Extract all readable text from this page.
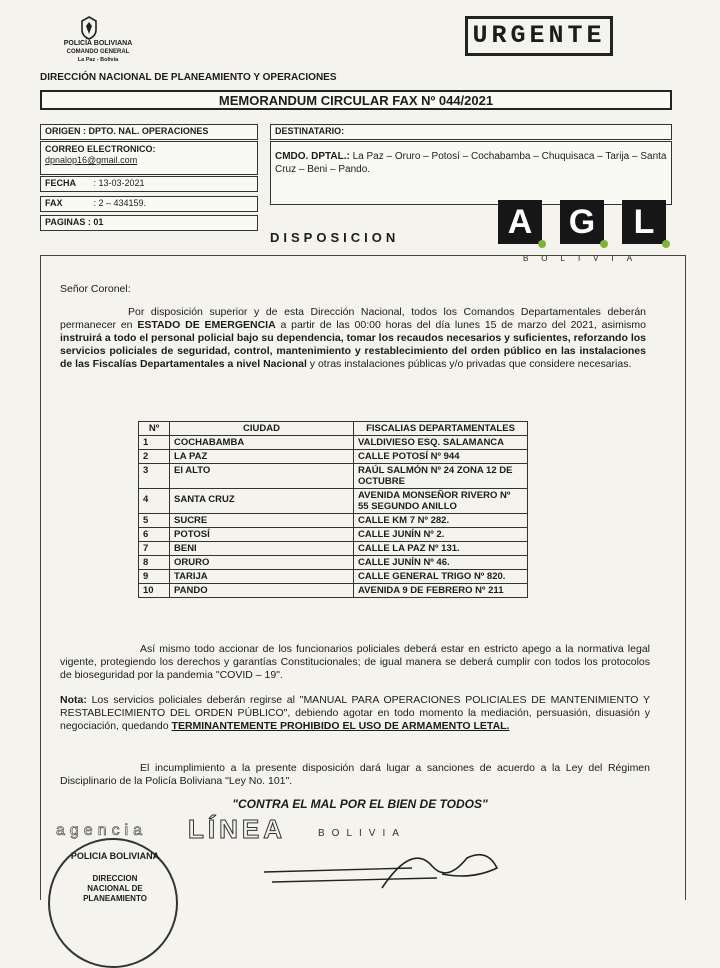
POLICÍA BOLIVIANA
COMANDO GENERAL
La Paz - Bolivia
URGENTE
DIRECCIÓN NACIONAL DE PLANEAMIENTO Y OPERACIONES
MEMORANDUM CIRCULAR FAX Nº 044/2021
ORIGEN : DPTO. NAL. OPERACIONES
CORREO ELECTRONICO:
dpnalop16@gmail.com
FECHA : 13-03-2021
FAX	: 2 – 434159.
PAGINAS : 01
DESTINATARIO:
CMDO. DPTAL.: La Paz – Oruro – Potosí – Cochabamba – Chuquisaca – Tarija – Santa Cruz – Beni – Pando.
DISPOSICION	A G	L
BOLIVIA
Señor Coronel:
Por disposición superior y de esta Dirección Nacional, todos los Comandos Departamentales deberán permanecer en ESTADO DE EMERGENCIA a partir de las 00:00 horas del día lunes 15 de marzo del 2021, asimismo instruirá a todo el personal policial bajo su dependencia, tomar los recaudos necesarios y suficientes, reforzando los servicios policiales de seguridad, control, mantenimiento y restablecimiento del orden público en las instalaciones de las Fiscalías Departamentales a nivel Nacional y otras instalaciones públicas y/o privadas que considere necesarias.
Nº	CIUDAD	FISCALIAS DEPARTAMENTALES
1	COCHABAMBA	VALDIVIESO ESQ. SALAMANCA
2	LA PAZ	CALLE POTOSÍ Nº 944
3	El ALTO	RAÚL SALMÓN Nº 24 ZONA 12 DE OCTUBRE
4	SANTA CRUZ	AVENIDA MONSEÑOR RIVERO Nº 55 SEGUNDO ANILLO
5	SUCRE	CALLE KM 7 Nº 282.
6	POTOSÍ	CALLE JUNÍN Nº 2.
7	BENI	CALLE LA PAZ Nº 131.
8	ORURO	CALLE JUNÍN Nº 46.
9	TARIJA	CALLE GENERAL TRIGO Nº 820.
10	PANDO	AVENIDA 9 DE FEBRERO Nº 211
Así mismo todo accionar de los funcionarios policiales deberá estar en estricto apego a la normativa legal vigente, protegiendo los derechos y garantías Constitucionales; de igual manera se deberá cumplir con todos los protocolos de bioseguridad por la pandemia "COVID – 19".
Nota: Los servicios policiales deberán regirse al "MANUAL PARA OPERACIONES POLICIALES DE MANTENIMIENTO Y RESTABLECIMIENTO DEL ORDEN PÚBLICO", debiendo agotar en todo momento la mediación, persuasión, disuasión y negociación, quedando TERMINANTEMENTE PROHIBIDO EL USO DE ARMAMENTO LETAL.
El incumplimiento a la presente disposición dará lugar a sanciones de acuerdo a la Ley del Régimen Disciplinario de la Policía Boliviana "Ley No. 101".
"CONTRA EL MAL POR EL BIEN DE TODOS"
agencia LÍNEA	BOLIVIA
POLICIA BOLIVIANA
DIRECCION
NACIONAL DE
PLANEAMIENTO
